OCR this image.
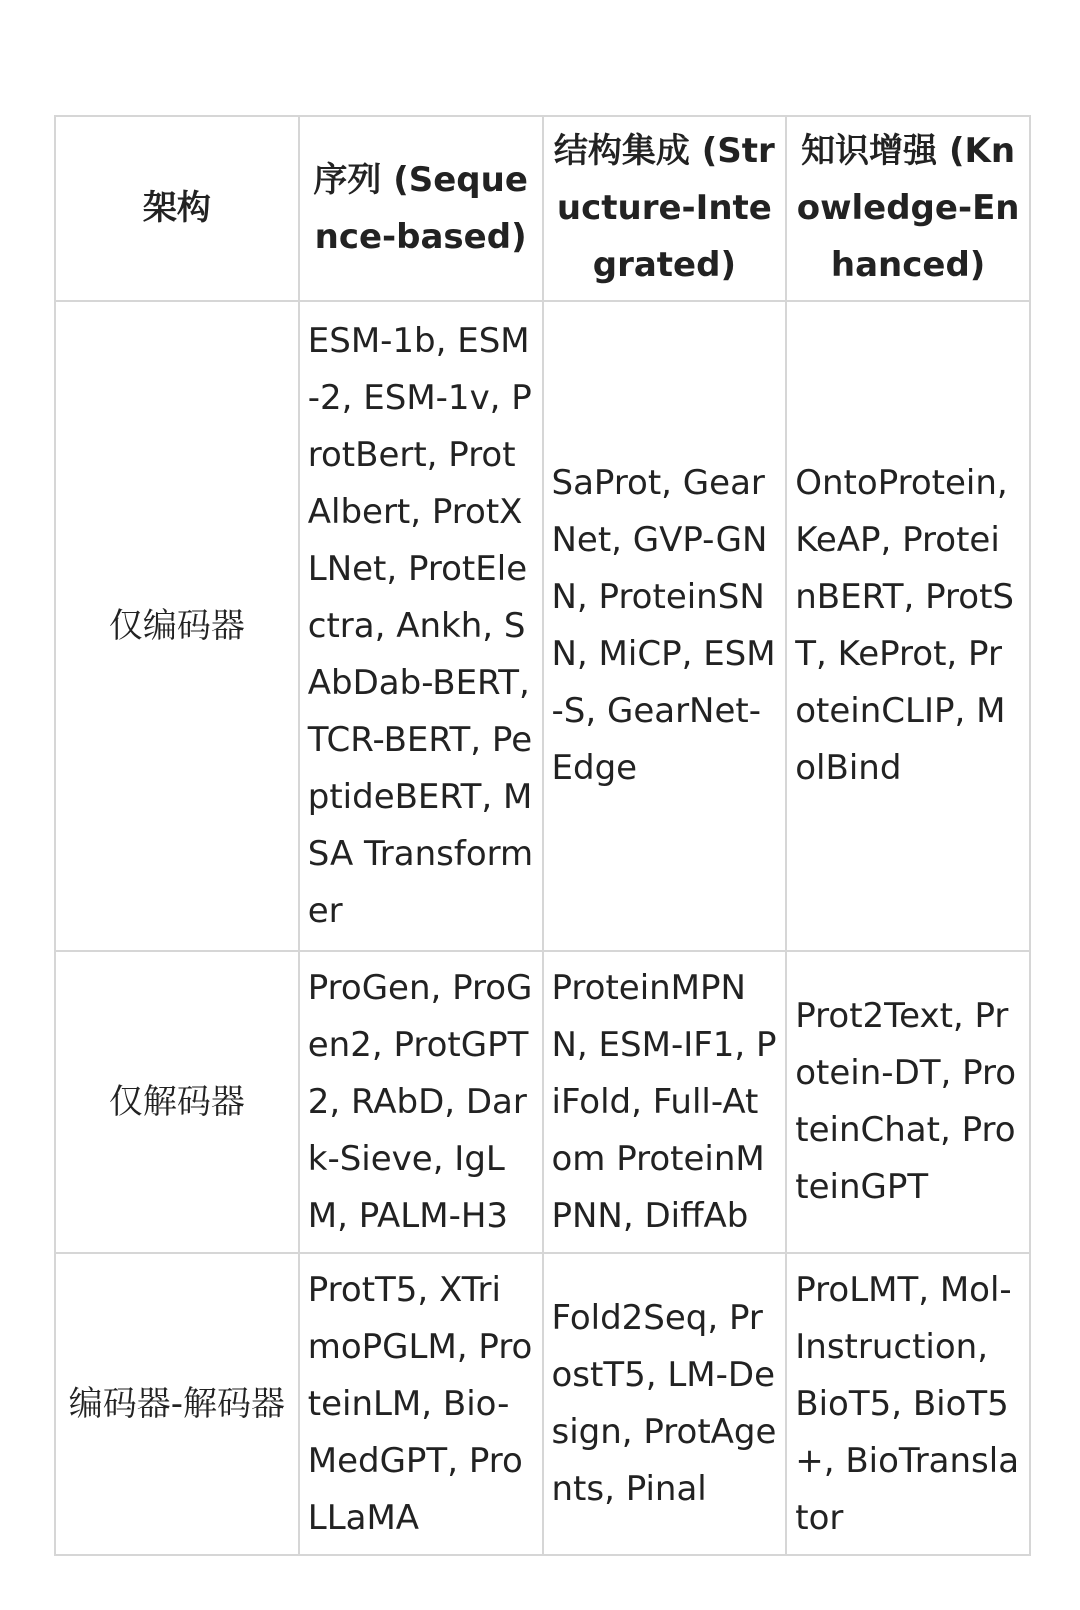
架构	序列 (Sequence-based)	结构集成 (Structure-Integrated)	知识增强 (Knowledge-Enhanced)
仅编码器	ESM-1b, ESM-2, ESM-1v, ProtBert, ProtAlbert, ProtXLNet, ProtElectra, Ankh, SAbDab-BERT, TCR-BERT, PeptideBERT, MSA Transformer	SaProt, GearNet, GVP-GNN, ProteinSNN, MiCP, ESM-S, GearNet-Edge	OntoProtein, KeAP, ProteinBERT, ProtST, KeProt, ProteinCLIP, MolBind
仅解码器	ProGen, ProGen2, ProtGPT2, RAbD, Dark-Sieve, IgLM, PALM-H3	ProteinMPNN, ESM-IF1, PiFold, Full-Atom ProteinMPNN, DiffAb	Prot2Text, Protein-DT, ProteinChat, ProteinGPT
编码器-解码器	ProtT5, XTrimoPGLM, ProteinLM, Bio-MedGPT, ProLLaMA	Fold2Seq, ProstT5, LM-Design, ProtAgents, Pinal	ProLMT, Mol-Instruction, BioT5, BioT5+, BioTranslator
